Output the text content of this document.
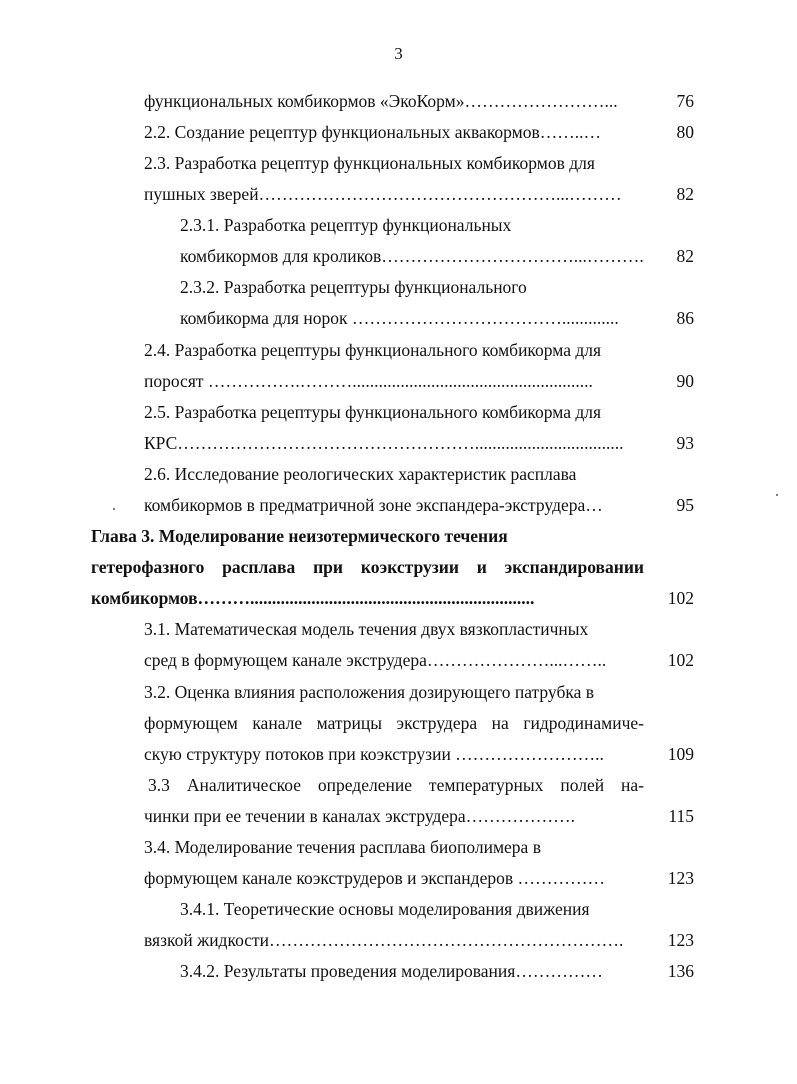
3
функциональных комбикормов «ЭкоКорм»……………………...	76
2.2. Создание рецептур функциональных аквакормов……..…	80
2.3. Разработка рецептур функциональных комбикормов для
пушных зверей……………………………………………...………	82
2.3.1. Разработка рецептур функциональных
комбикормов для кроликов……………………………...……….	82
2.3.2. Разработка рецептуры функционального
комбикорма для норок ……………………………….............	86
2.4. Разработка рецептуры функционального комбикорма для
поросят …………….……….......................................................	90
2.5. Разработка рецептуры функционального комбикорма для
КРС……………………………………………..................................	93
2.6. Исследование реологических характеристик расплава
комбикормов в предматричной зоне экспандера-экструдера…	95
Глава 3. Моделирование неизотермического течения
гетерофазного расплава при коэкструзии и экспандировании
комбикормов……….................................................................	102
3.1. Математическая модель течения двух вязкопластичных
сред в формующем канале экструдера…………………...……..	102
3.2. Оценка влияния расположения дозирующего патрубка в
формующем канале матрицы экструдера на гидродинамиче-
скую структуру потоков при коэкструзии ……………………..	109
3.3 Аналитическое определение температурных полей на-
чинки при ее течении в каналах экструдера……………….	115
3.4. Моделирование течения расплава биополимера в
формующем канале коэкструдеров и экспандеров ……………	123
3.4.1. Теоретические основы моделирования движения
вязкой жидкости…………………………………………………….	123
3.4.2. Результаты проведения моделирования……………	136
